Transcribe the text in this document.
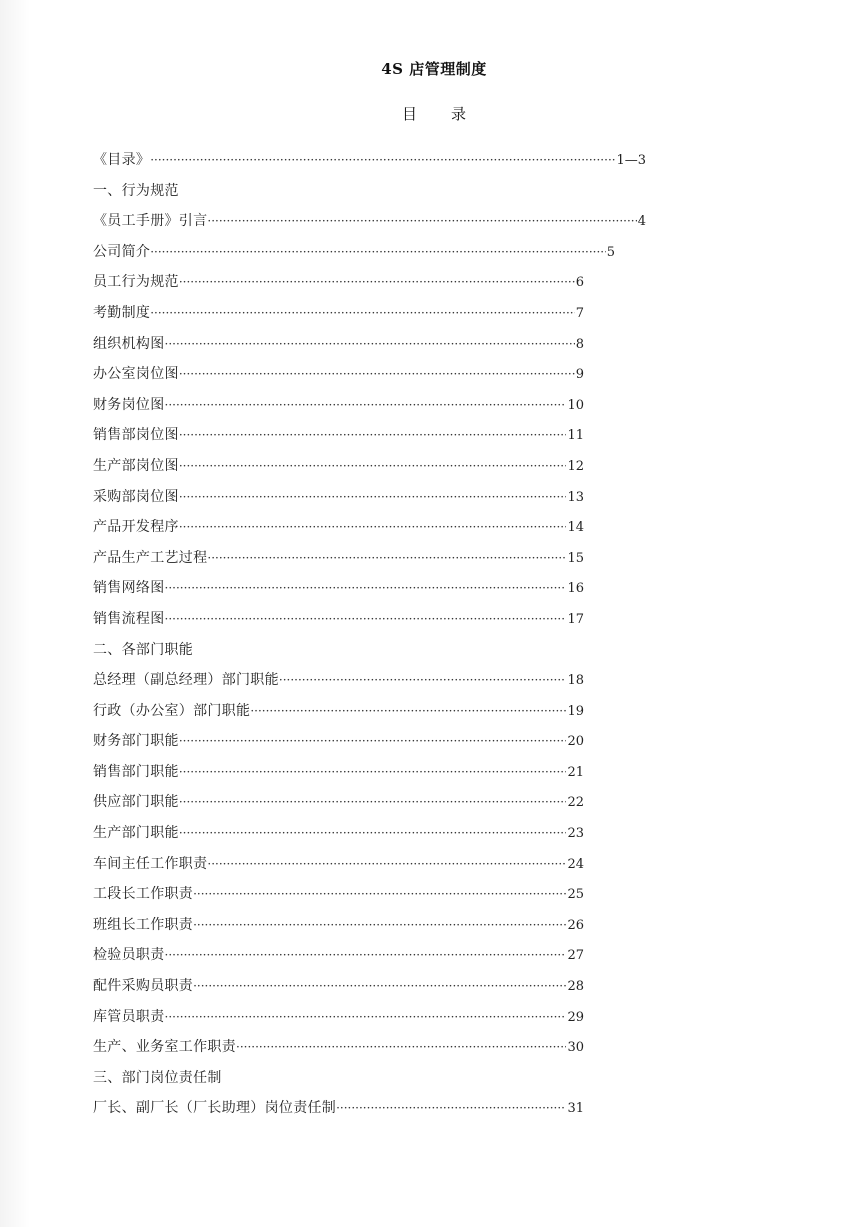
4S 店管理制度
目 录
《目录》 ·····	1—3
一、行为规范
《员工手册》引言 ·····	4
公司简介 ·····	5
员工行为规范 ·····	6
考勤制度 ·····	7
组织机构图 ·····	8
办公室岗位图 ·····	9
财务岗位图 ·····	10
销售部岗位图 ·····	11
生产部岗位图 ·····	12
采购部岗位图 ·····	13
产品开发程序 ·····	14
产品生产工艺过程 ·····	15
销售网络图 ·····	16
销售流程图 ·····	17
二、各部门职能
总经理（副总经理）部门职能 ·····	18
行政（办公室）部门职能 ·····	19
财务部门职能 ·····	20
销售部门职能 ·····	21
供应部门职能 ·····	22
生产部门职能 ·····	23
车间主任工作职责 ·····	24
工段长工作职责 ·····	25
班组长工作职责 ·····	26
检验员职责 ·····	27
配件采购员职责 ·····	28
库管员职责 ·····	29
生产、业务室工作职责 ·····	30
三、部门岗位责任制
厂长、副厂长（厂长助理）岗位责任制 ·····	31
